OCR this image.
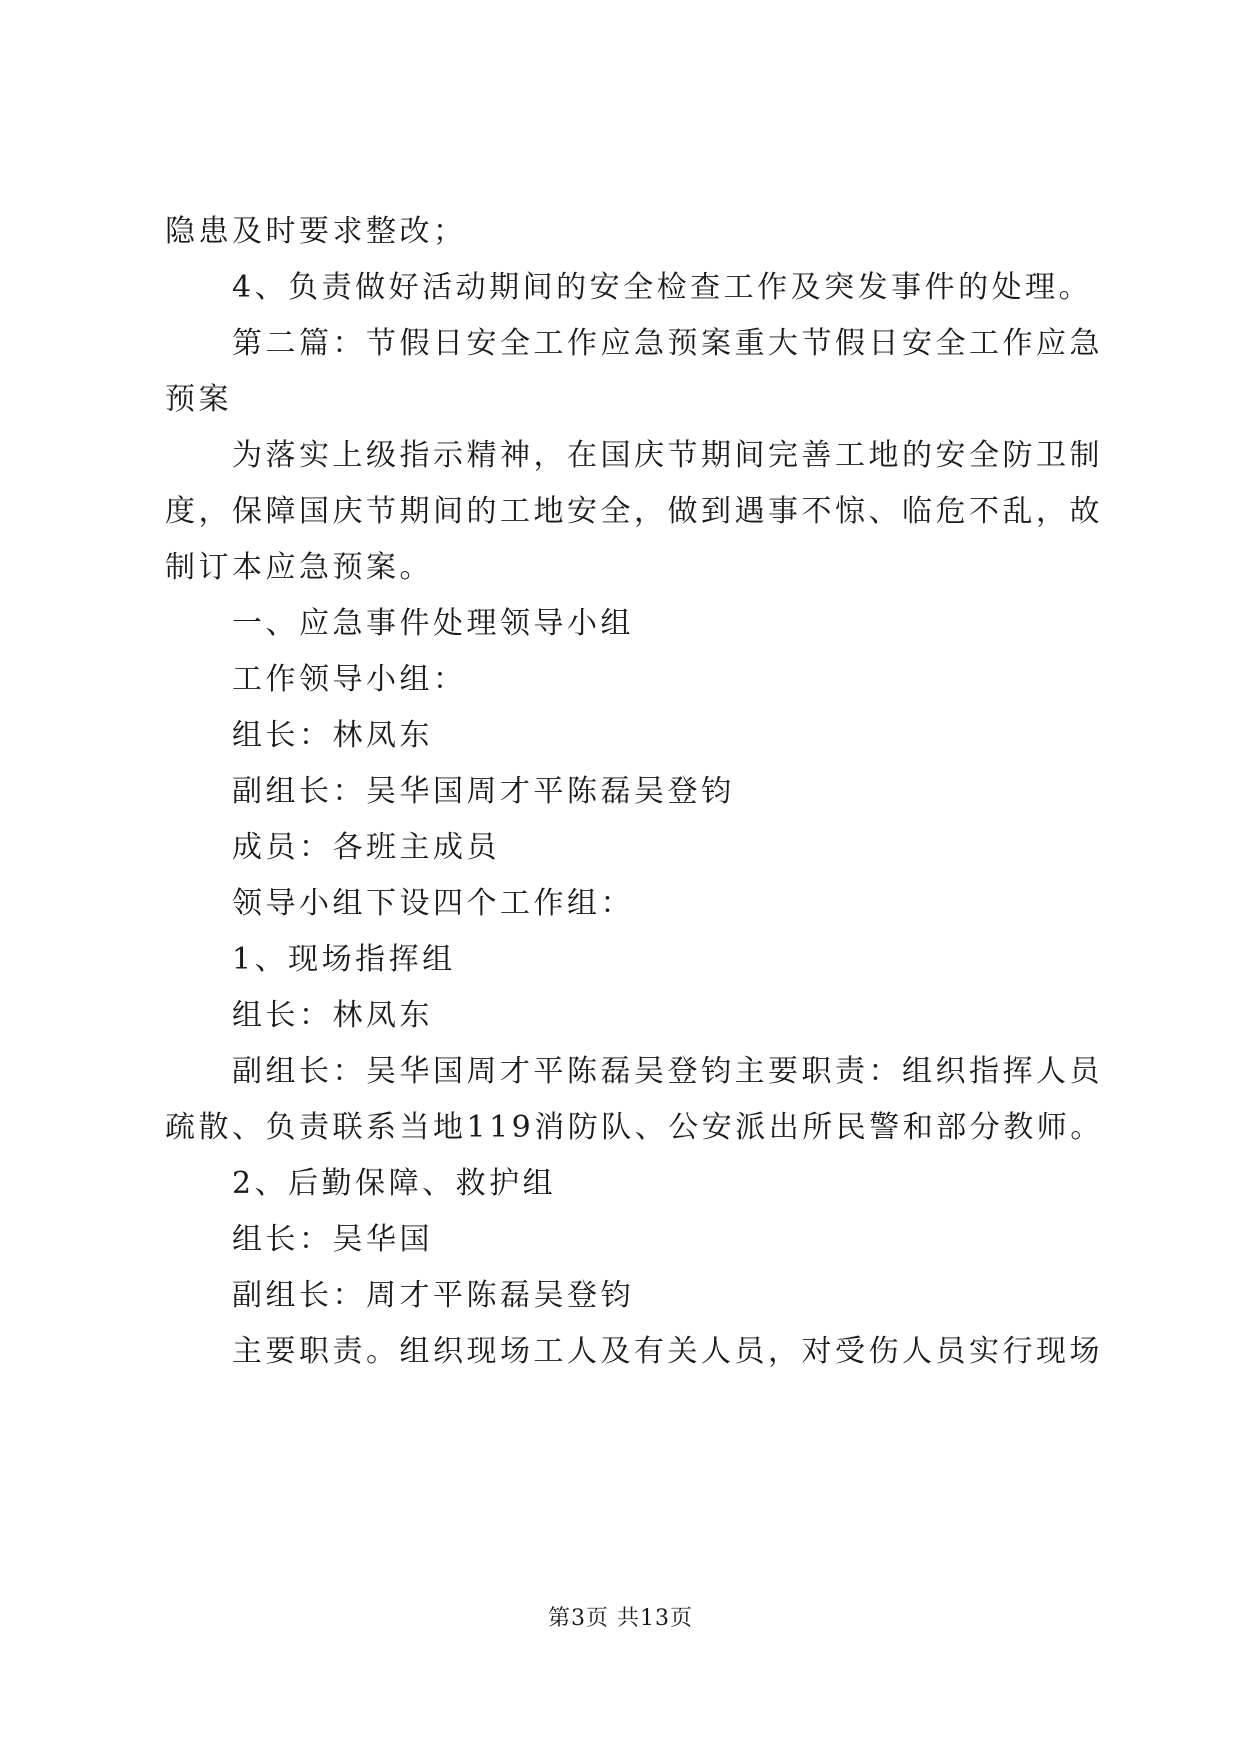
隐患及时要求整改；
4、负责做好活动期间的安全检查工作及突发事件的处理。
第二篇：节假日安全工作应急预案重大节假日安全工作应急
预案
为落实上级指示精神，在国庆节期间完善工地的安全防卫制
度，保障国庆节期间的工地安全，做到遇事不惊、临危不乱，故
制订本应急预案。
一、应急事件处理领导小组
工作领导小组：
组长：林凤东
副组长：吴华国周才平陈磊吴登钧
成员：各班主成员
领导小组下设四个工作组：
1、现场指挥组
组长：林凤东
副组长：吴华国周才平陈磊吴登钧主要职责：组织指挥人员
疏散、负责联系当地119消防队、公安派出所民警和部分教师。
2、后勤保障、救护组
组长：吴华国
副组长：周才平陈磊吴登钧
主要职责。组织现场工人及有关人员，对受伤人员实行现场
第3页 共13页
